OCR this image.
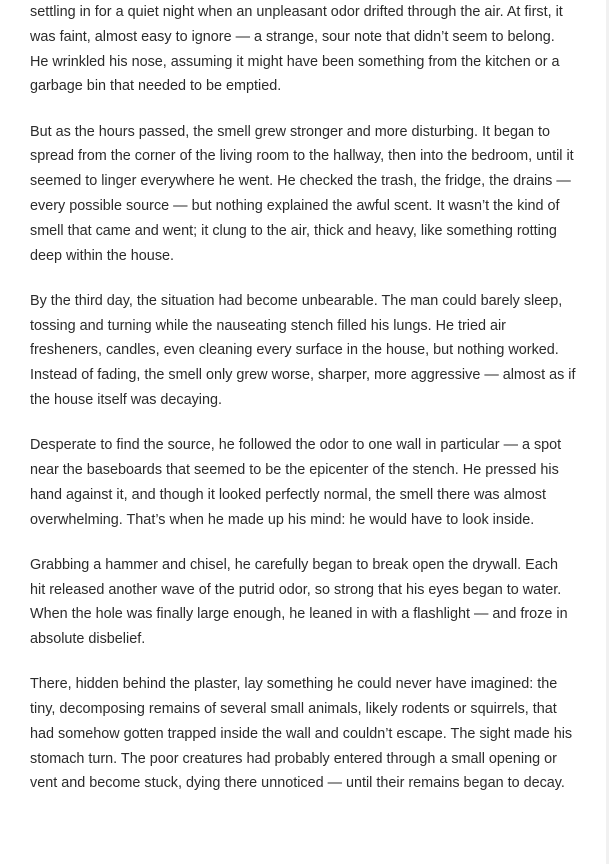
settling in for a quiet night when an unpleasant odor drifted through the air. At first, it was faint, almost easy to ignore — a strange, sour note that didn’t seem to belong. He wrinkled his nose, assuming it might have been something from the kitchen or a garbage bin that needed to be emptied.

But as the hours passed, the smell grew stronger and more disturbing. It began to spread from the corner of the living room to the hallway, then into the bedroom, until it seemed to linger everywhere he went. He checked the trash, the fridge, the drains — every possible source — but nothing explained the awful scent. It wasn’t the kind of smell that came and went; it clung to the air, thick and heavy, like something rotting deep within the house.

By the third day, the situation had become unbearable. The man could barely sleep, tossing and turning while the nauseating stench filled his lungs. He tried air fresheners, candles, even cleaning every surface in the house, but nothing worked. Instead of fading, the smell only grew worse, sharper, more aggressive — almost as if the house itself was decaying.

Desperate to find the source, he followed the odor to one wall in particular — a spot near the baseboards that seemed to be the epicenter of the stench. He pressed his hand against it, and though it looked perfectly normal, the smell there was almost overwhelming. That’s when he made up his mind: he would have to look inside.

Grabbing a hammer and chisel, he carefully began to break open the drywall. Each hit released another wave of the putrid odor, so strong that his eyes began to water. When the hole was finally large enough, he leaned in with a flashlight — and froze in absolute disbelief.

There, hidden behind the plaster, lay something he could never have imagined: the tiny, decomposing remains of several small animals, likely rodents or squirrels, that had somehow gotten trapped inside the wall and couldn’t escape. The sight made his stomach turn. The poor creatures had probably entered through a small opening or vent and become stuck, dying there unnoticed — until their remains began to decay.
